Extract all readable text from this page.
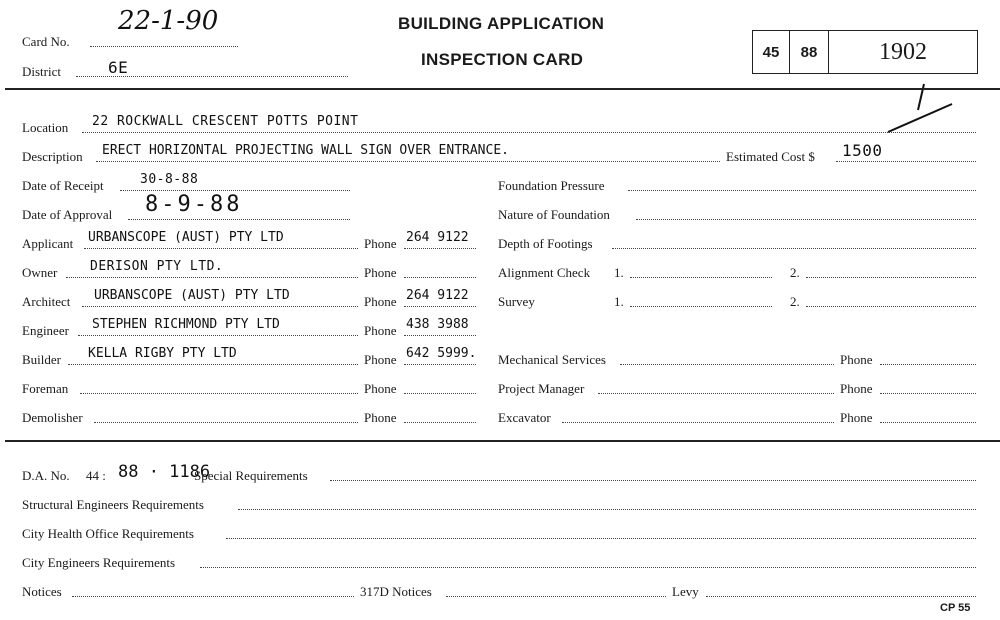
Card No.
22-1-90
District	6E
BUILDING APPLICATION
INSPECTION CARD	45	88	1902
Location 22 ROCKWALL CRESCENT POTTS POINT
Description ERECT HORIZONTAL PROJECTING WALL SIGN OVER ENTRANCE.	Estimated Cost $ 1500
Date of Receipt	30-8-88	Foundation Pressure
Date of Approval 8-9-88	Nature of Foundation
Applicant URBANSCOPE (AUST) PTY LTD	Phone 264 9122 Depth of Footings
Owner	DERISON PTY LTD.	Phone	Alignment Check 1.	2.
Architect URBANSCOPE (AUST) PTY LTD	Phone 264 9122 Survey	1.	2.
Engineer STEPHEN RICHMOND PTY LTD	Phone 438 3988
Builder KELLA RIGBY PTY LTD	Phone 642 5999. Mechanical Services	Phone
Foreman	Phone	Project Manager	Phone
Demolisher	Phone	Excavator	Phone
D.A. No. 44 : 88 · 1186
Special Requirements
Structural Engineers Requirements
City Health Office Requirements
City Engineers Requirements
Notices	317D Notices	Levy
CP 55
